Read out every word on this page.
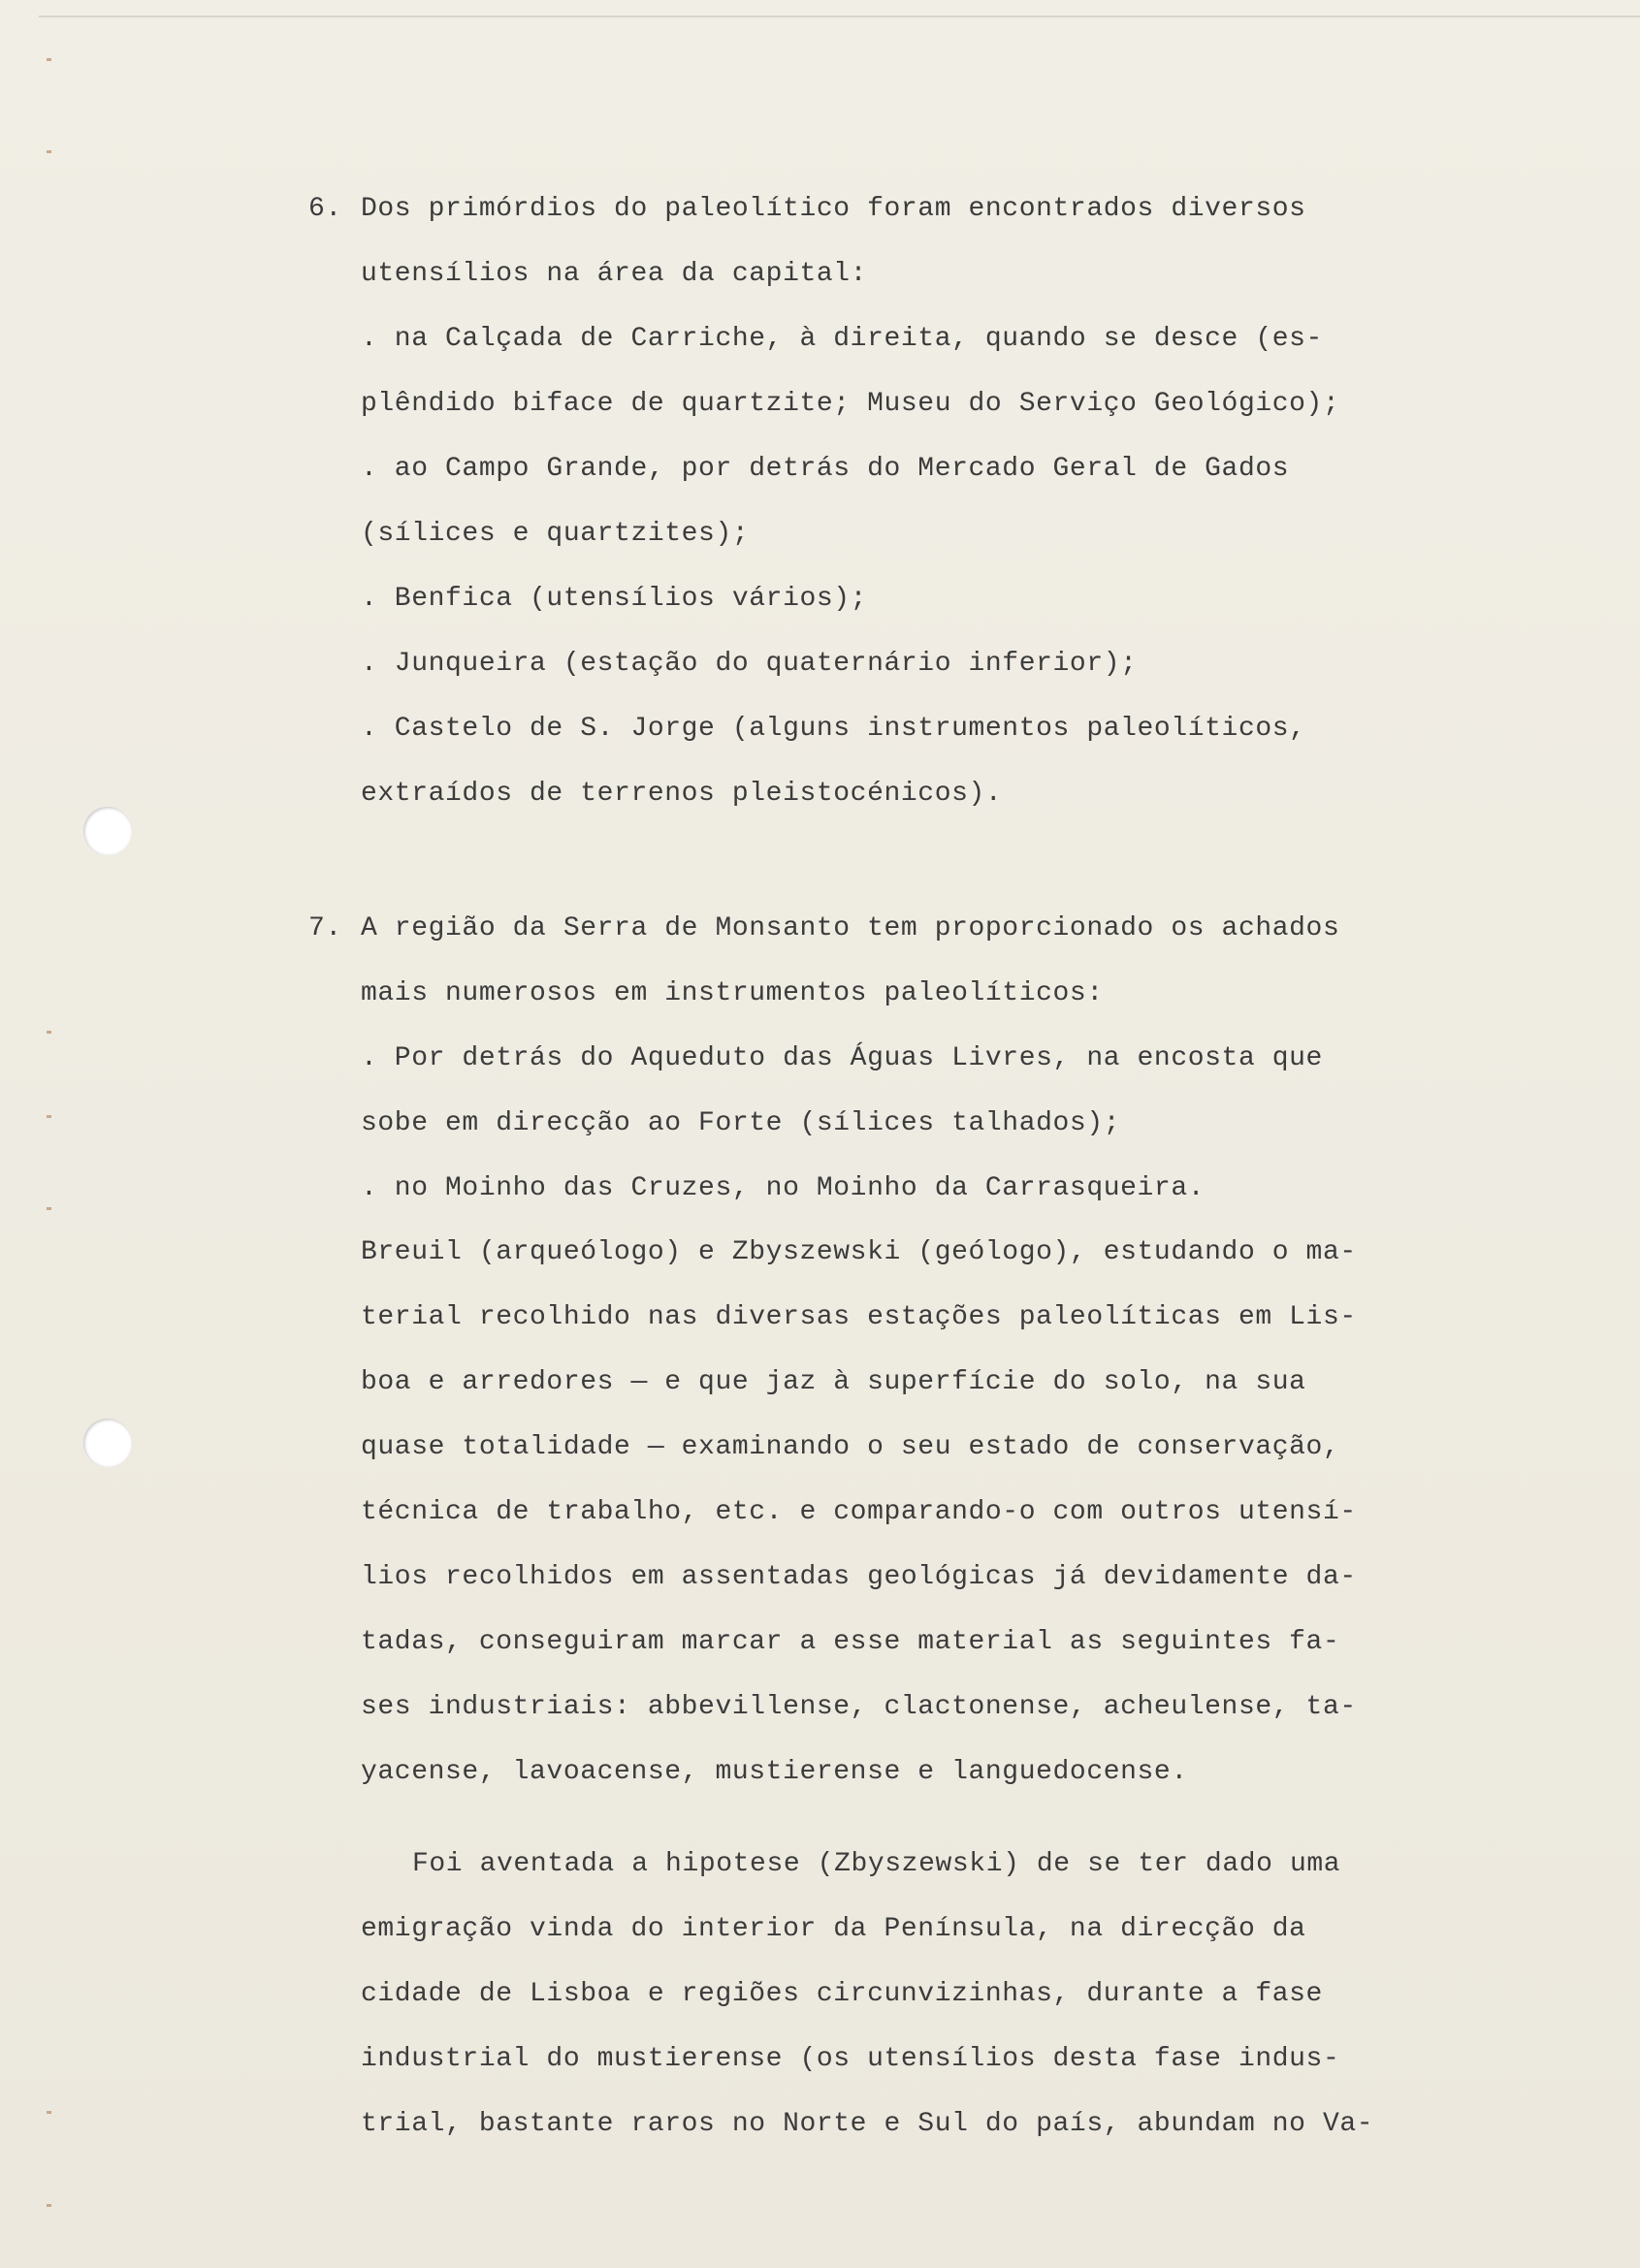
6. Dos primórdios do paleolítico foram encontrados diversos
utensílios na área da capital:
. na Calçada de Carriche, à direita, quando se desce (es-
plêndido biface de quartzite; Museu do Serviço Geológico);
. ao Campo Grande, por detrás do Mercado Geral de Gados
(sílices e quartzites);
. Benfica (utensílios vários);
. Junqueira (estação do quaternário inferior);
. Castelo de S. Jorge (alguns instrumentos paleolíticos,
extraídos de terrenos pleistocénicos).
7. A região da Serra de Monsanto tem proporcionado os achados
mais numerosos em instrumentos paleolíticos:
. Por detrás do Aqueduto das Águas Livres, na encosta que
sobe em direcção ao Forte (sílices talhados);
. no Moinho das Cruzes, no Moinho da Carrasqueira.
Breuil (arqueólogo) e Zbyszewski (geólogo), estudando o ma-
terial recolhido nas diversas estações paleolíticas em Lis-
boa e arredores — e que jaz à superfície do solo, na sua
quase totalidade — examinando o seu estado de conservação,
técnica de trabalho, etc. e comparando-o com outros utensí-
lios recolhidos em assentadas geológicas já devidamente da-
tadas, conseguiram marcar a esse material as seguintes fa-
ses industriais: abbevillense, clactonense, acheulense, ta-
yacense, lavoacense, mustierense e languedocense.
Foi aventada a hipotese (Zbyszewski) de se ter dado uma
emigração vinda do interior da Península, na direcção da
cidade de Lisboa e regiões circunvizinhas, durante a fase
industrial do mustierense (os utensílios desta fase indus-
trial, bastante raros no Norte e Sul do país, abundam no Va-
